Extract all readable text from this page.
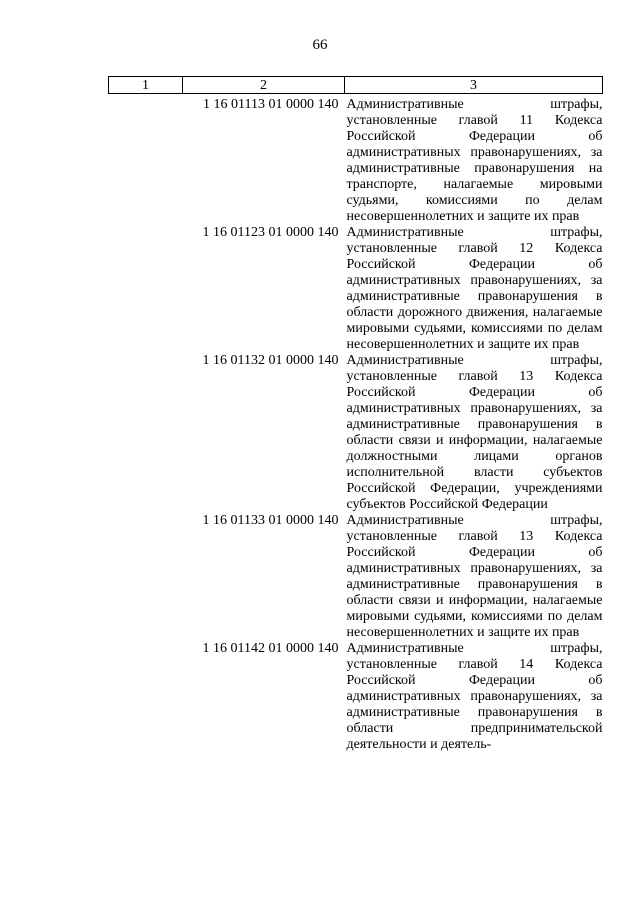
66
1	2	3
	1 16 01113 01 0000 140	Административные штрафы, установленные главой 11 Кодекса Российской Федерации об административных правонарушениях, за административные правонарушения на транспорте, налагаемые мировыми судьями, комиссиями по делам несовершеннолетних и защите их прав
	1 16 01123 01 0000 140	Административные штрафы, установленные главой 12 Кодекса Российской Федерации об административных правонарушениях, за административные правонарушения в области дорожного движения, налагаемые мировыми судьями, комиссиями по делам несовершеннолетних и защите их прав
	1 16 01132 01 0000 140	Административные штрафы, установленные главой 13 Кодекса Российской Федерации об административных правонарушениях, за административные правонарушения в области связи и информации, налагаемые должностными лицами органов исполнительной власти субъектов Российской Федерации, учреждениями субъектов Российской Федерации
	1 16 01133 01 0000 140	Административные штрафы, установленные главой 13 Кодекса Российской Федерации об административных правонарушениях, за административные правонарушения в области связи и информации, налагаемые мировыми судьями, комиссиями по делам несовершеннолетних и защите их прав
	1 16 01142 01 0000 140	Административные штрафы, установленные главой 14 Кодекса Российской Федерации об административных правонарушениях, за административные правонарушения в области предпринимательской деятельности и деятель-
